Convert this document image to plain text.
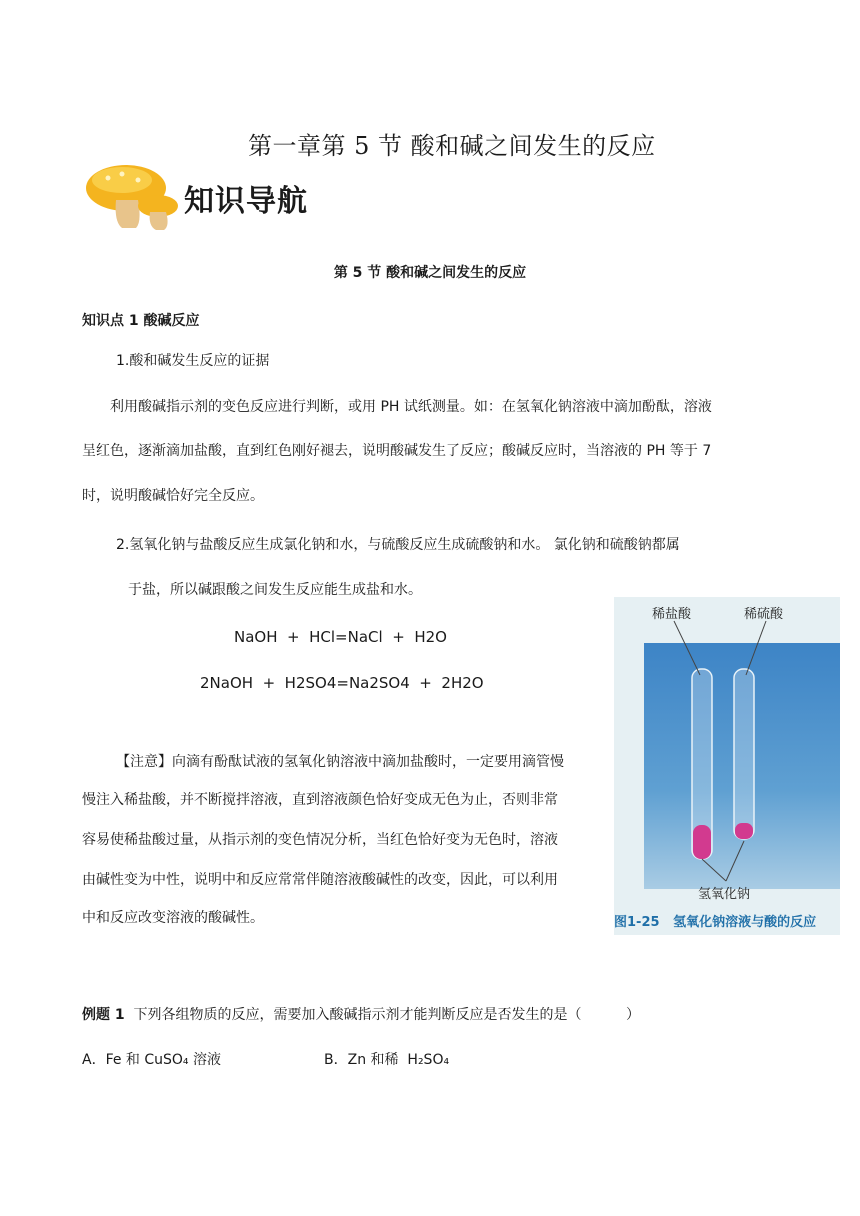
第一章第 5 节 酸和碱之间发生的反应
知识导航
第 5 节 酸和碱之间发生的反应
知识点 1 酸碱反应
1.酸和碱发生反应的证据
利用酸碱指示剂的变色反应进行判断，或用 PH 试纸测量。如：在氢氧化钠溶液中滴加酚酞，溶液
呈红色，逐渐滴加盐酸，直到红色刚好褪去，说明酸碱发生了反应；酸碱反应时，当溶液的 PH 等于 7
时，说明酸碱恰好完全反应。
2.氢氧化钠与盐酸反应生成氯化钠和水，与硫酸反应生成硫酸钠和水。 氯化钠和硫酸钠都属
于盐，所以碱跟酸之间发生反应能生成盐和水。
NaOH  +  HCl=NaCl  +  H2O
2NaOH  +  H2SO4=Na2SO4  +  2H2O
【注意】向滴有酚酞试液的氢氧化钠溶液中滴加盐酸时，一定要用滴管慢
慢注入稀盐酸，并不断搅拌溶液，直到溶液颜色恰好变成无色为止，否则非常
容易使稀盐酸过量，从指示剂的变色情况分析，当红色恰好变为无色时，溶液
由碱性变为中性，说明中和反应常常伴随溶液酸碱性的改变，因此，可以利用
中和反应改变溶液的酸碱性。
稀盐酸	稀硫酸
氢氧化钠
图1-25   氢氧化钠溶液与酸的反应
例题 1  下列各组物质的反应，需要加入酸碱指示剂才能判断反应是否发生的是（          ）
A．Fe 和 CuSO₄ 溶液	B．Zn 和稀  H₂SO₄
